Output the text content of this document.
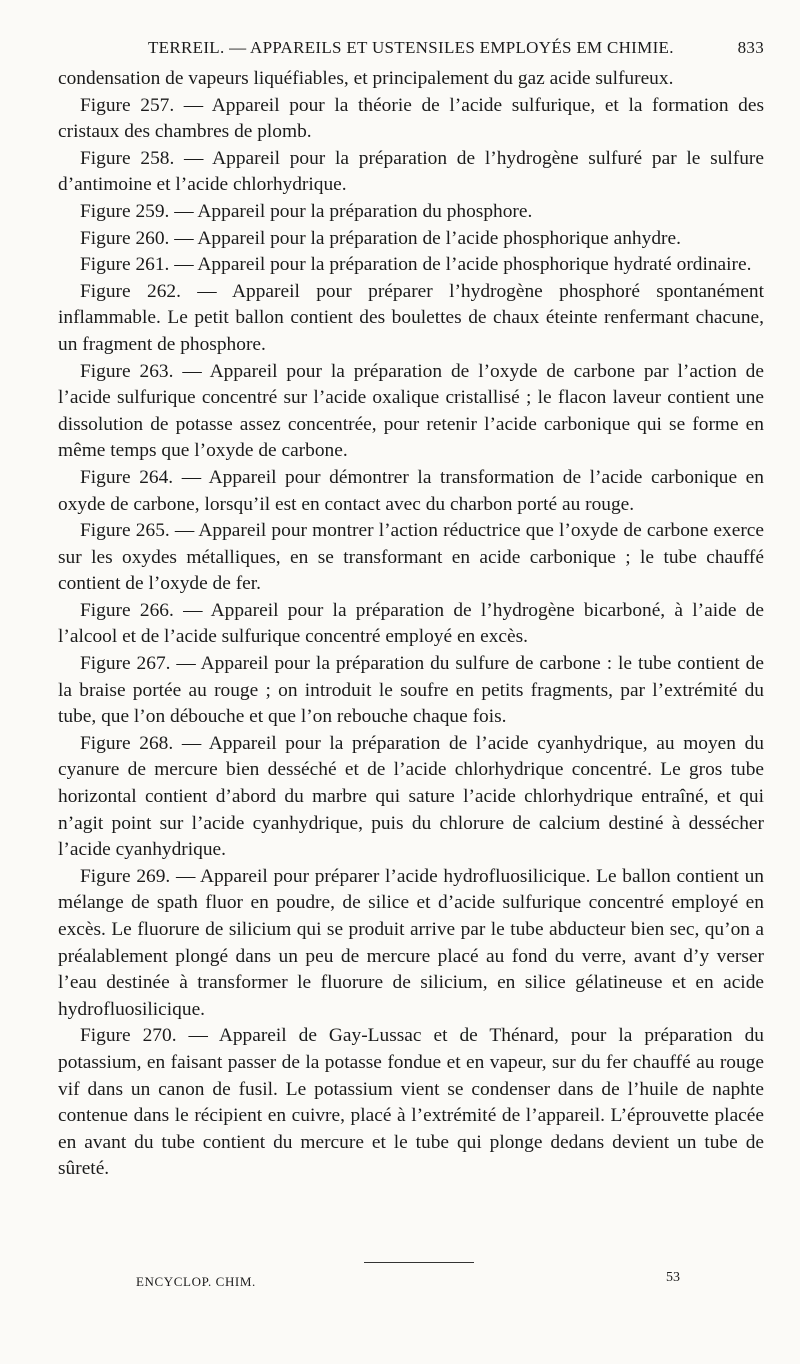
TERRЕIL. — APPAREILS ET USTENSILES EMPLOYÉS EM CHIMIE.	833

condensation de vapeurs liquéfiables, et principalement du gaz acide sulfureux.

Figure 257. — Appareil pour la théorie de l’acide sulfurique, et la formation des cristaux des chambres de plomb.

Figure 258. — Appareil pour la préparation de l’hydrogène sulfuré par le sulfure d’antimoine et l’acide chlorhydrique.

Figure 259. — Appareil pour la préparation du phosphore.

Figure 260. — Appareil pour la préparation de l’acide phosphorique anhydre.

Figure 261. — Appareil pour la préparation de l’acide phosphorique hydraté ordinaire.

Figure 262. — Appareil pour préparer l’hydrogène phosphoré spontanément inflammable. Le petit ballon contient des boulettes de chaux éteinte renfermant chacune, un fragment de phosphore.

Figure 263. — Appareil pour la préparation de l’oxyde de carbone par l’action de l’acide sulfurique concentré sur l’acide oxalique cristallisé ; le flacon laveur contient une dissolution de potasse assez concentrée, pour retenir l’acide carbonique qui se forme en même temps que l’oxyde de carbone.

Figure 264. — Appareil pour démontrer la transformation de l’acide carbonique en oxyde de carbone, lorsqu’il est en contact avec du charbon porté au rouge.

Figure 265. — Appareil pour montrer l’action réductrice que l’oxyde de carbone exerce sur les oxydes métalliques, en se transformant en acide carbonique ; le tube chauffé contient de l’oxyde de fer.

Figure 266. — Appareil pour la préparation de l’hydrogène bicarboné, à l’aide de l’alcool et de l’acide sulfurique concentré employé en excès.

Figure 267. — Appareil pour la préparation du sulfure de carbone : le tube contient de la braise portée au rouge ; on introduit le soufre en petits fragments, par l’extrémité du tube, que l’on débouche et que l’on rebouche chaque fois.

Figure 268. — Appareil pour la préparation de l’acide cyanhydrique, au moyen du cyanure de mercure bien desséché et de l’acide chlorhydrique concentré. Le gros tube horizontal contient d’abord du marbre qui sature l’acide chlorhydrique entraîné, et qui n’agit point sur l’acide cyanhydrique, puis du chlorure de calcium destiné à dessécher l’acide cyanhydrique.

Figure 269. — Appareil pour préparer l’acide hydrofluosilicique. Le ballon contient un mélange de spath fluor en poudre, de silice et d’acide sulfurique concentré employé en excès. Le fluorure de silicium qui se produit arrive par le tube abducteur bien sec, qu’on a préalablement plongé dans un peu de mercure placé au fond du verre, avant d’y verser l’eau destinée à transformer le fluorure de silicium, en silice gélatineuse et en acide hydrofluosilicique.

Figure 270. — Appareil de Gay-Lussac et de Thénard, pour la préparation du potassium, en faisant passer de la potasse fondue et en vapeur, sur du fer chauffé au rouge vif dans un canon de fusil. Le potassium vient se condenser dans de l’huile de naphte contenue dans le récipient en cuivre, placé à l’extrémité de l’appareil. L’éprouvette placée en avant du tube contient du mercure et le tube qui plonge dedans devient un tube de sûreté.

ENCYCLOP. CHIM.	53
